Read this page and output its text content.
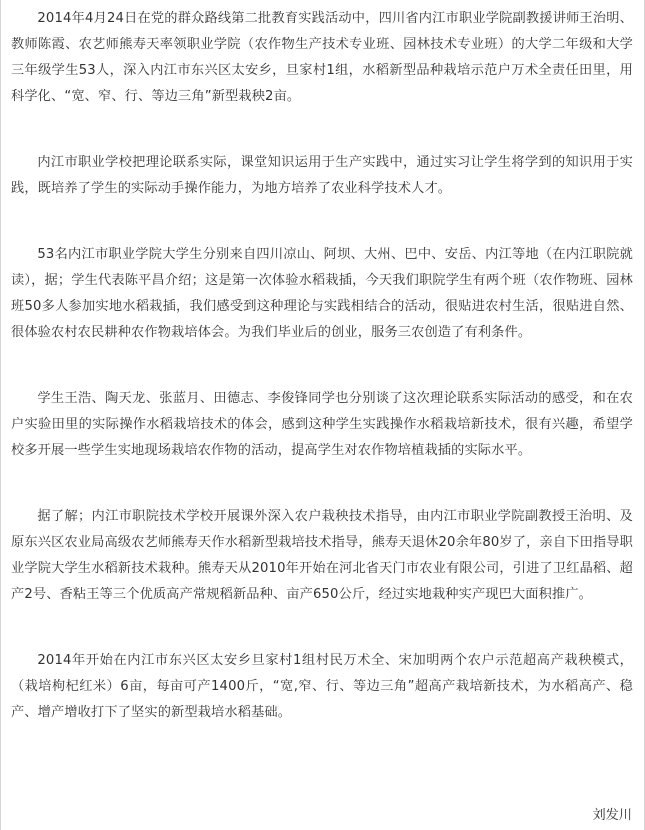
2014年4月24日在党的群众路线第二批教育实践活动中，四川省内江市职业学院副教援讲师王治明、教师陈霞、农艺师熊寿天率领职业学院（农作物生产技术专业班、园林技术专业班）的大学二年级和大学三年级学生53人，深入内江市东兴区太安乡，旦家村1组，水稻新型品种栽培示范户万术全责任田里，用科学化、“宽、窄、行、等边三角”新型栽秧2亩。

内江市职业学校把理论联系实际，课堂知识运用于生产实践中，通过实习让学生将学到的知识用于实践，既培养了学生的实际动手操作能力，为地方培养了农业科学技术人才。

53名内江市职业学院大学生分别来自四川凉山、阿坝、大州、巴中、安岳、内江等地（在内江职院就读），据；学生代表陈平昌介绍；这是第一次体验水稻栽插，今天我们职院学生有两个班（农作物班、园林班50多人参加实地水稻栽插，我们感受到这种理论与实践相结合的活动，很贴进农村生活，很贴进自然、很体验农村农民耕种农作物栽培体会。为我们毕业后的创业，服务三农创造了有利条件。

学生王浩、陶天龙、张蓝月、田德志、李俊锋同学也分别谈了这次理论联系实际活动的感受，和在农户实验田里的实际操作水稻栽培技术的体会，感到这种学生实践操作水稻栽培新技术，很有兴趣，希望学校多开展一些学生实地现场栽培农作物的活动，提高学生对农作物培植栽插的实际水平。

据了解；内江市职院技术学校开展课外深入农户栽秧技术指导，由内江市职业学院副教授王治明、及原东兴区农业局高级农艺师熊寿天作水稻新型栽培技术指导，熊寿天退休20余年80岁了，亲自下田指导职业学院大学生水稻新技术栽种。熊寿天从2010年开始在河北省天门市农业有限公司，引进了卫红晶稻、超产2号、香粘王等三个优质高产常规稻新品种、亩产650公斤，经过实地栽种实产现巴大面积推广。

2014年开始在内江市东兴区太安乡旦家村1组村民万术全、宋加明两个农户示范超高产栽秧模式，（栽培枸杞红米）6亩，每亩可产1400斤，“宽,窄、行、等边三角”超高产栽培新技术，为水稻高产、稳产、增产增收打下了坚实的新型栽培水稻基础。

刘发川
